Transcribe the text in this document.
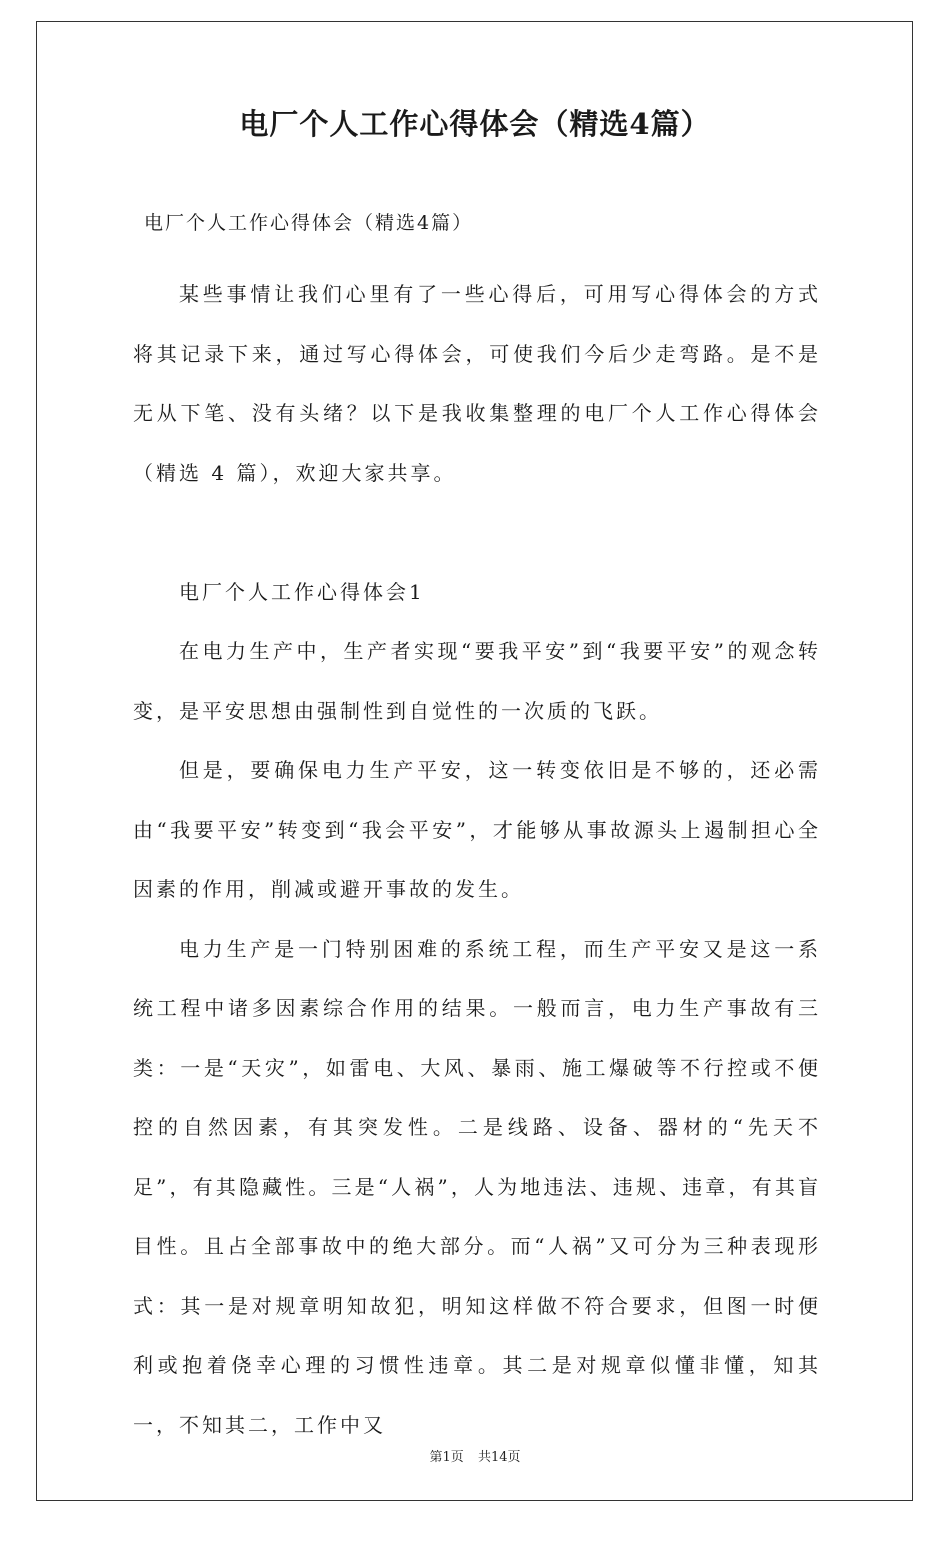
电厂个人工作心得体会（精选4篇）

电厂个人工作心得体会（精选4篇）

某些事情让我们心里有了一些心得后，可用写心得体会的方式将其记录下来，通过写心得体会，可使我们今后少走弯路。是不是无从下笔、没有头绪？以下是我收集整理的电厂个人工作心得体会（精选 4 篇），欢迎大家共享。

电厂个人工作心得体会1

在电力生产中，生产者实现“要我平安”到“我要平安”的观念转变，是平安思想由强制性到自觉性的一次质的飞跃。

但是，要确保电力生产平安，这一转变依旧是不够的，还必需由“我要平安”转变到“我会平安”，才能够从事故源头上遏制担心全因素的作用，削减或避开事故的发生。

电力生产是一门特别困难的系统工程，而生产平安又是这一系统工程中诸多因素综合作用的结果。一般而言，电力生产事故有三类：一是“天灾”，如雷电、大风、暴雨、施工爆破等不行控或不便控的自然因素，有其突发性。二是线路、设备、器材的“先天不足”，有其隐藏性。三是“人祸”，人为地违法、违规、违章，有其盲目性。且占全部事故中的绝大部分。而“人祸”又可分为三种表现形式：其一是对规章明知故犯，明知这样做不符合要求，但图一时便利或抱着侥幸心理的习惯性违章。其二是对规章似懂非懂，知其一，不知其二，工作中又

第1页 共14页
